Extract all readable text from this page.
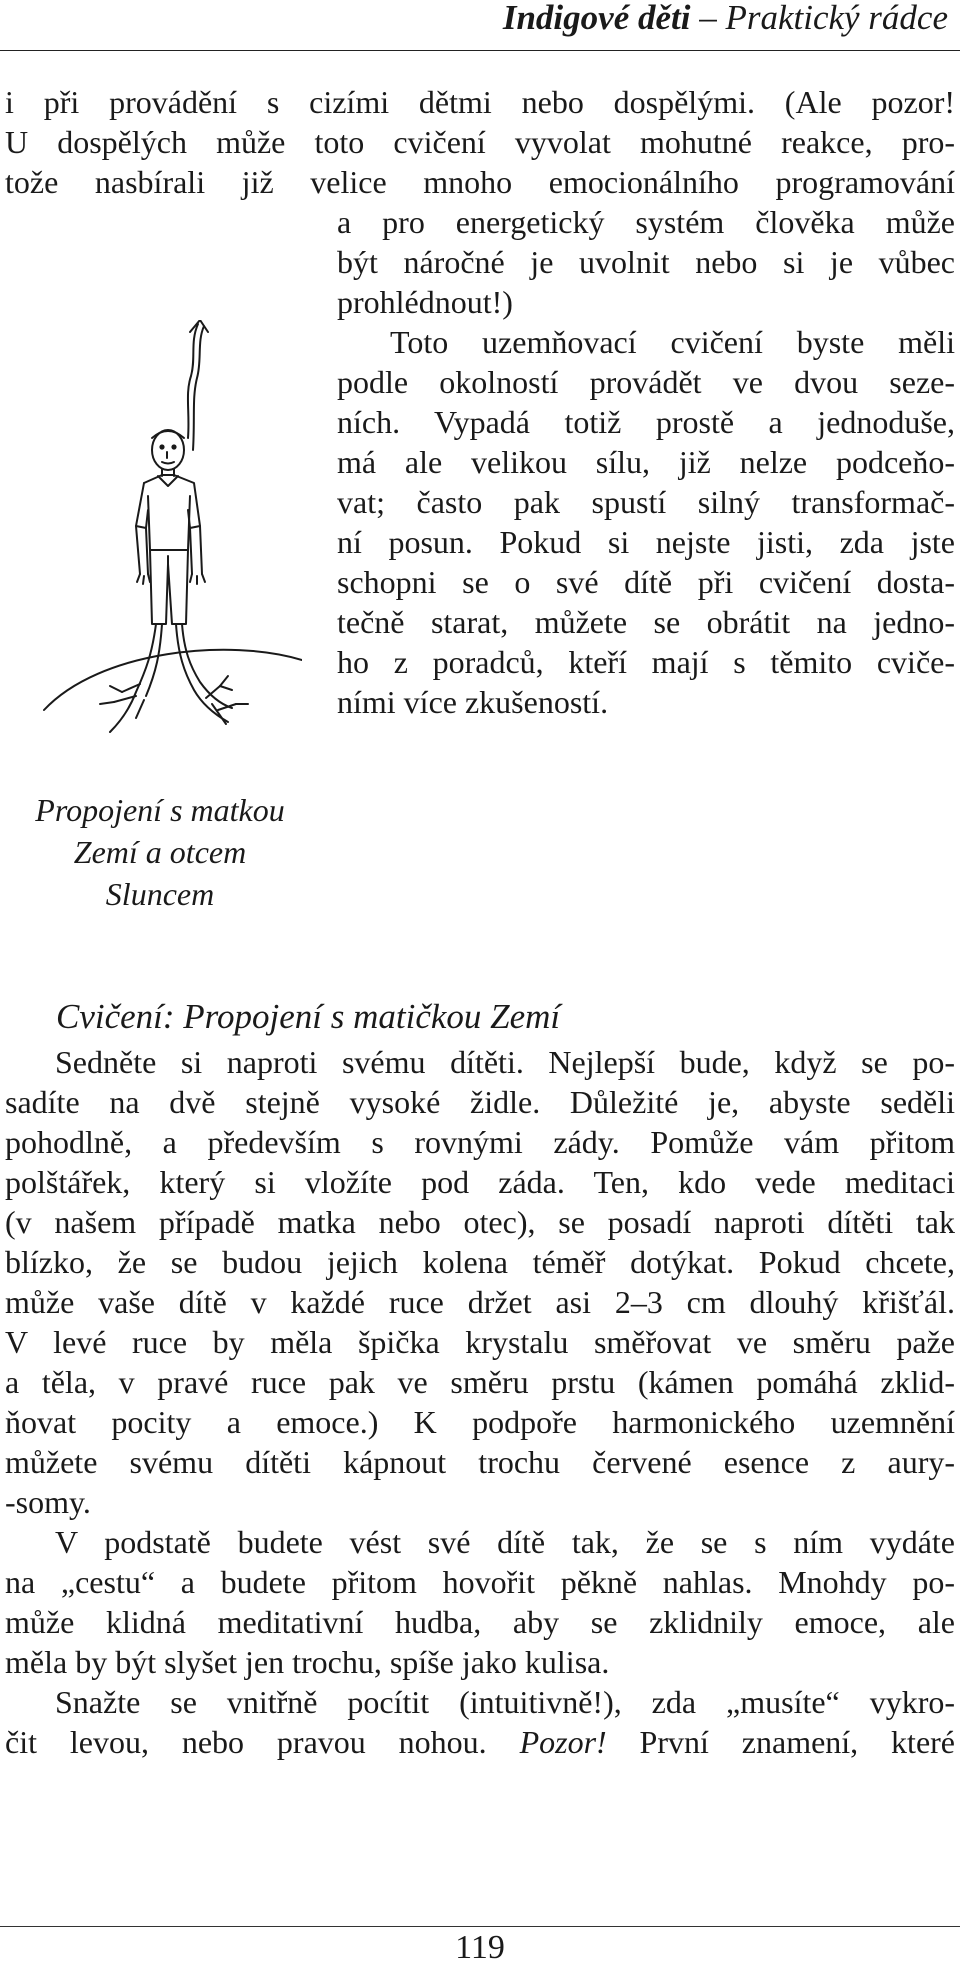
Indigové děti – Praktický rádce
i při provádění s cizími dětmi nebo dospělými. (Ale pozor!
U dospělých může toto cvičení vyvolat mohutné reakce, pro-
tože nasbírali již velice mnoho emocionálního programování
a pro energetický systém člověka může
být náročné je uvolnit nebo si je vůbec
prohlédnout!)
Toto uzemňovací cvičení byste měli
podle okolností provádět ve dvou seze-
ních. Vypadá totiž prostě a jednoduše,
má ale velikou sílu, již nelze podceňo-
vat; často pak spustí silný transformač-
ní posun. Pokud si nejste jisti, zda jste
schopni se o své dítě při cvičení dosta-
tečně starat, můžete se obrátit na jedno-
ho z poradců, kteří mají s těmito cviče-
ními více zkušeností.
Propojení s matkou
Zemí a otcem
Sluncem
Cvičení: Propojení s matičkou Zemí
Sedněte si naproti svému dítěti. Nejlepší bude, když se po-
sadíte na dvě stejně vysoké židle. Důležité je, abyste seděli
pohodlně, a především s rovnými zády. Pomůže vám přitom
polštářek, který si vložíte pod záda. Ten, kdo vede meditaci
(v našem případě matka nebo otec), se posadí naproti dítěti tak
blízko, že se budou jejich kolena téměř dotýkat. Pokud chcete,
může vaše dítě v každé ruce držet asi 2–3 cm dlouhý křišťál.
V levé ruce by měla špička krystalu směřovat ve směru paže
a těla, v pravé ruce pak ve směru prstu (kámen pomáhá zklid-
ňovat pocity a emoce.) K podpoře harmonického uzemnění
můžete svému dítěti kápnout trochu červené esence z aury-
-somy.
V podstatě budete vést své dítě tak, že se s ním vydáte
na „cestu“ a budete přitom hovořit pěkně nahlas. Mnohdy po-
může klidná meditativní hudba, aby se zklidnily emoce, ale
měla by být slyšet jen trochu, spíše jako kulisa.
Snažte se vnitřně pocítit (intuitivně!), zda „musíte“ vykro-
čit levou, nebo pravou nohou. Pozor! První znamení, které
119
